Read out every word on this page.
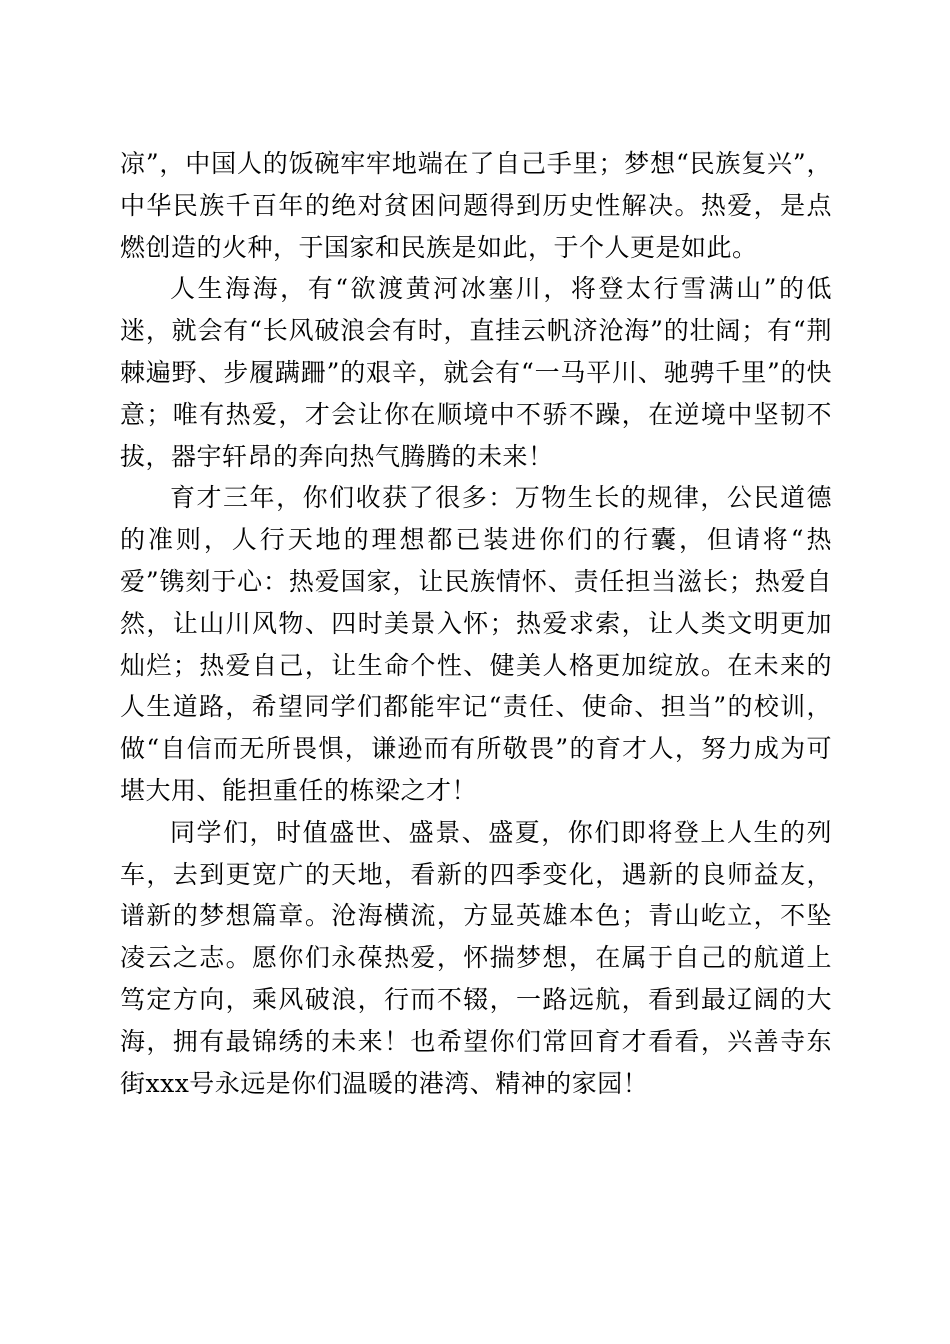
凉”，中国人的饭碗牢牢地端在了自己手里；梦想“民族复兴”，中华民族千百年的绝对贫困问题得到历史性解决。热爱，是点燃创造的火种，于国家和民族是如此，于个人更是如此。

人生海海，有“欲渡黄河冰塞川，将登太行雪满山”的低迷，就会有“长风破浪会有时，直挂云帆济沧海”的壮阔；有“荆棘遍野、步履蹒跚”的艰辛，就会有“一马平川、驰骋千里”的快意；唯有热爱，才会让你在顺境中不骄不躁，在逆境中坚韧不拔，器宇轩昂的奔向热气腾腾的未来！

育才三年，你们收获了很多：万物生长的规律，公民道德的准则，人行天地的理想都已装进你们的行囊，但请将“热爱”镌刻于心：热爱国家，让民族情怀、责任担当滋长；热爱自然，让山川风物、四时美景入怀；热爱求索，让人类文明更加灿烂；热爱自己，让生命个性、健美人格更加绽放。在未来的人生道路，希望同学们都能牢记“责任、使命、担当”的校训，做“自信而无所畏惧，谦逊而有所敬畏”的育才人，努力成为可堪大用、能担重任的栋梁之才！

同学们，时值盛世、盛景、盛夏，你们即将登上人生的列车，去到更宽广的天地，看新的四季变化，遇新的良师益友，谱新的梦想篇章。沧海横流，方显英雄本色；青山屹立，不坠凌云之志。愿你们永葆热爱，怀揣梦想，在属于自己的航道上笃定方向，乘风破浪，行而不辍，一路远航，看到最辽阔的大海，拥有最锦绣的未来！也希望你们常回育才看看，兴善寺东街xxx号永远是你们温暖的港湾、精神的家园！
